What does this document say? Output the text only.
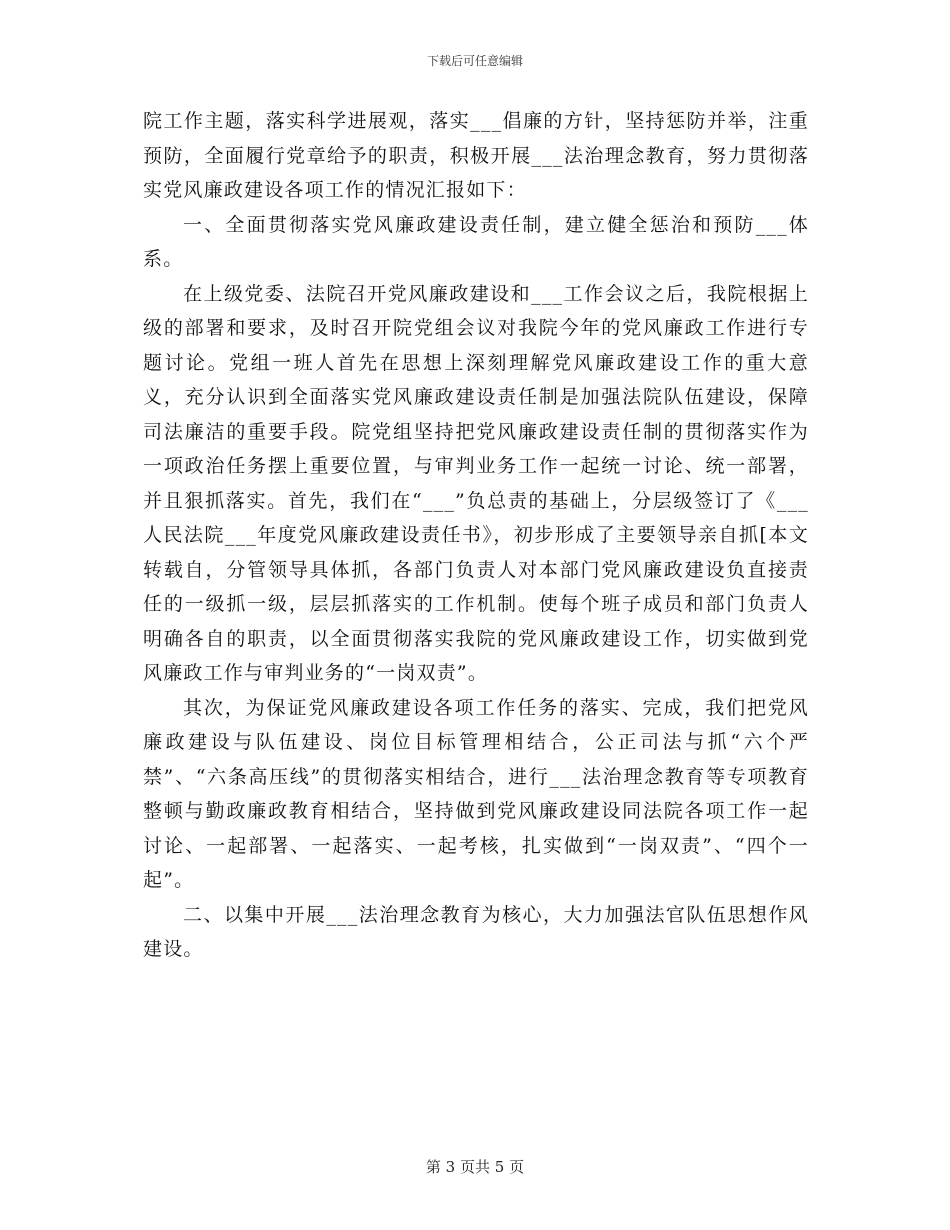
下载后可任意编辑

院工作主题，落实科学进展观，落实___倡廉的方针，坚持惩防并举，注重预防，全面履行党章给予的职责，积极开展___法治理念教育，努力贯彻落实党风廉政建设各项工作的情况汇报如下：

一、全面贯彻落实党风廉政建设责任制，建立健全惩治和预防___体系。

在上级党委、法院召开党风廉政建设和___工作会议之后，我院根据上级的部署和要求，及时召开院党组会议对我院今年的党风廉政工作进行专题讨论。党组一班人首先在思想上深刻理解党风廉政建设工作的重大意义，充分认识到全面落实党风廉政建设责任制是加强法院队伍建设，保障司法廉洁的重要手段。院党组坚持把党风廉政建设责任制的贯彻落实作为一项政治任务摆上重要位置，与审判业务工作一起统一讨论、统一部署，并且狠抓落实。首先，我们在“___”负总责的基础上，分层级签订了《___人民法院___年度党风廉政建设责任书》，初步形成了主要领导亲自抓[本文转载自，分管领导具体抓，各部门负责人对本部门党风廉政建设负直接责任的一级抓一级，层层抓落实的工作机制。使每个班子成员和部门负责人明确各自的职责，以全面贯彻落实我院的党风廉政建设工作，切实做到党风廉政工作与审判业务的“一岗双责”。

其次，为保证党风廉政建设各项工作任务的落实、完成，我们把党风廉政建设与队伍建设、岗位目标管理相结合，公正司法与抓“六个严禁”、“六条高压线”的贯彻落实相结合，进行___法治理念教育等专项教育整顿与勤政廉政教育相结合，坚持做到党风廉政建设同法院各项工作一起讨论、一起部署、一起落实、一起考核，扎实做到“一岗双责”、“四个一起”。

二、以集中开展___法治理念教育为核心，大力加强法官队伍思想作风建设。

第 3 页共 5 页
